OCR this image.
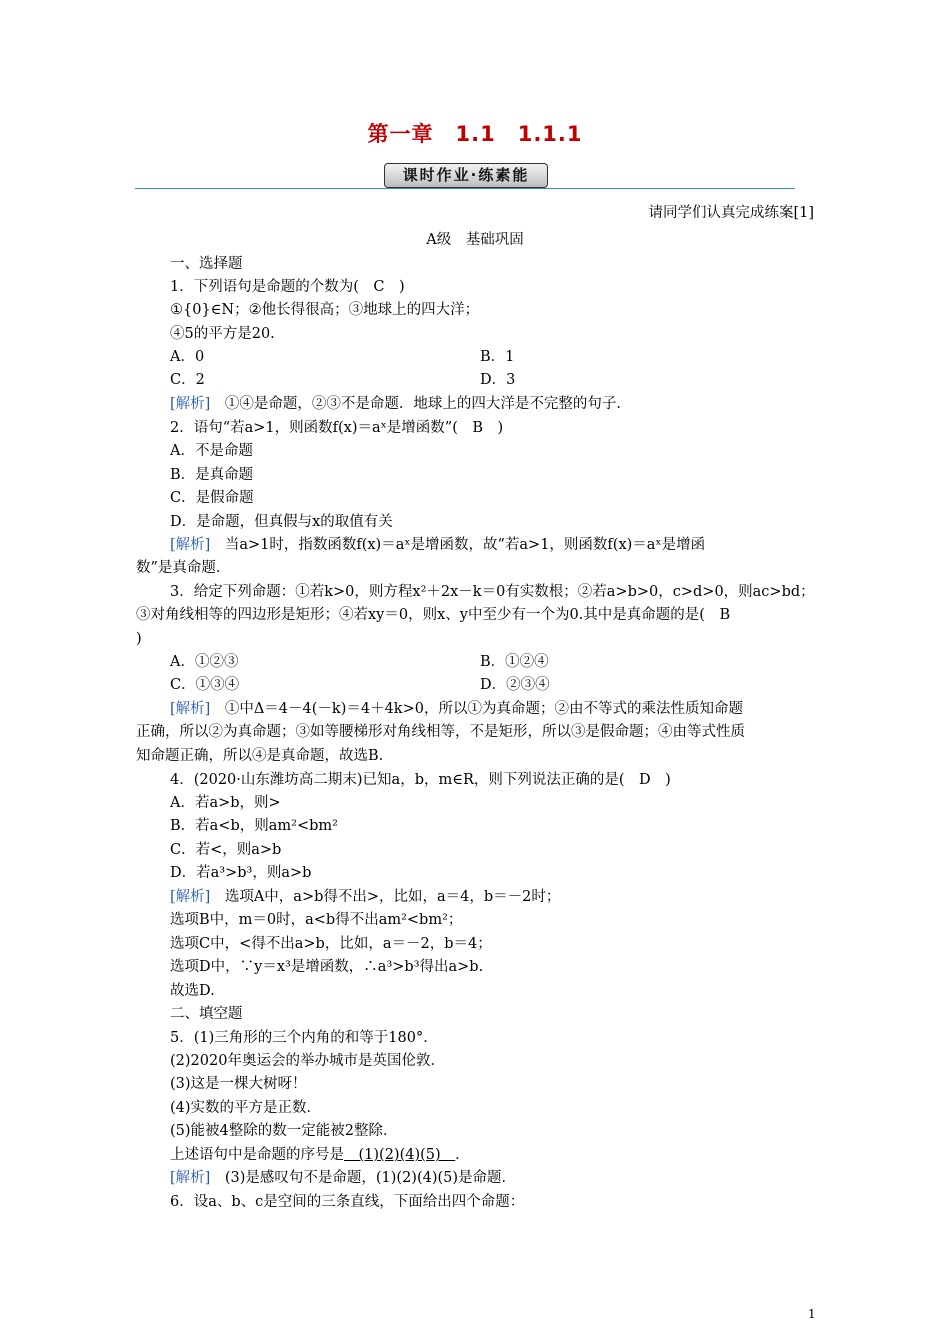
第一章　1.1　1.1.1
课时作业·练素能
请同学们认真完成练案[1]
A级　基础巩固
一、选择题
1．下列语句是命题的个数为(　C　)
①{0}∈N；②他长得很高；③地球上的四大洋；
④5的平方是20.
A．0	B．1
C．2	D．3
[解析]　①④是命题，②③不是命题．地球上的四大洋是不完整的句子．
2．语句“若a>1，则函数f(x)＝aˣ是增函数”(　B　)
A．不是命题
B．是真命题
C．是假命题
D．是命题，但真假与x的取值有关
[解析]　当a>1时，指数函数f(x)＝aˣ是增函数，故“若a>1，则函数f(x)＝aˣ是增函
数”是真命题．
3．给定下列命题：①若k>0，则方程x²＋2x－k＝0有实数根；②若a>b>0，c>d>0，则ac>bd；
③对角线相等的四边形是矩形；④若xy＝0，则x、y中至少有一个为0.其中是真命题的是(　B
)
A．①②③	B．①②④
C．①③④	D．②③④
[解析]　①中Δ＝4－4(－k)＝4＋4k>0，所以①为真命题；②由不等式的乘法性质知命题
正确，所以②为真命题；③如等腰梯形对角线相等，不是矩形，所以③是假命题；④由等式性质
知命题正确，所以④是真命题，故选B.
4．(2020·山东潍坊高二期末)已知a，b，m∈R，则下列说法正确的是(　D　)
A．若a>b，则>
B．若a<b，则am²<bm²
C．若<，则a>b
D．若a³>b³，则a>b
[解析]　选项A中，a>b得不出>，比如，a＝4，b＝－2时；
选项B中，m＝0时，a<b得不出am²<bm²；
选项C中，<得不出a>b，比如，a＝－2，b＝4；
选项D中，∵y＝x³是增函数，∴a³>b³得出a>b.
故选D.
二、填空题
5．(1)三角形的三个内角的和等于180°．
(2)2020年奥运会的举办城市是英国伦敦．
(3)这是一棵大树呀！
(4)实数的平方是正数．
(5)能被4整除的数一定能被2整除．
上述语句中是命题的序号是　(1)(2)(4)(5)　．
[解析]　(3)是感叹句不是命题，(1)(2)(4)(5)是命题．
6．设a、b、c是空间的三条直线，下面给出四个命题：
1
